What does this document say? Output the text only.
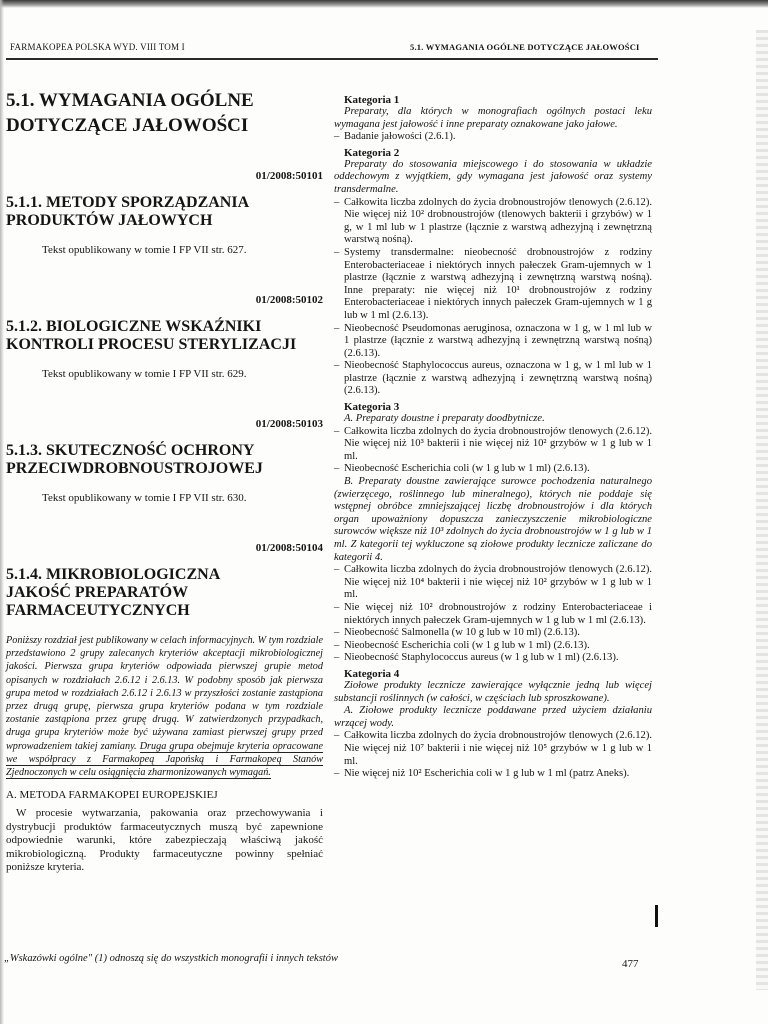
FARMAKOPEA POLSKA WYD. VIII TOM I	5.1. WYMAGANIA OGÓLNE DOTYCZĄCE JAŁOWOŚCI
5.1. WYMAGANIA OGÓLNE DOTYCZĄCE JAŁOWOŚCI

01/2008:50101

5.1.1. METODY SPORZĄDZANIA PRODUKTÓW JAŁOWYCH

Tekst opublikowany w tomie I FP VII str. 627.

01/2008:50102

5.1.2. BIOLOGICZNE WSKAŹNIKI KONTROLI PROCESU STERYLIZACJI

Tekst opublikowany w tomie I FP VII str. 629.

01/2008:50103

5.1.3. SKUTECZNOŚĆ OCHRONY PRZECIWDROBNOUSTROJOWEJ

Tekst opublikowany w tomie I FP VII str. 630.

01/2008:50104

5.1.4. MIKROBIOLOGICZNA JAKOŚĆ PREPARATÓW FARMACEUTYCZNYCH

Poniższy rozdział jest publikowany w celach informacyjnych. W tym rozdziale przedstawiono 2 grupy zalecanych kryteriów akceptacji mikrobiologicznej jakości. Pierwsza grupa kryteriów odpowiada pierwszej grupie metod opisanych w rozdziałach 2.6.12 i 2.6.13. W podobny sposób jak pierwsza grupa metod w rozdziałach 2.6.12 i 2.6.13 w przyszłości zostanie zastąpiona przez drugą grupę, pierwsza grupa kryteriów podana w tym rozdziale zostanie zastąpiona przez grupę drugą. W zatwierdzonych przypadkach, druga grupa kryteriów może być używana zamiast pierwszej grupy przed wprowadzeniem takiej zamiany. Druga grupa obejmuje kryteria opracowane we współpracy z Farmakopeą Japońską i Farmakopeą Stanów Zjednoczonych w celu osiągnięcia zharmonizowanych wymagań.

A. METODA FARMAKOPEI EUROPEJSKIEJ

W procesie wytwarzania, pakowania oraz przechowywania i dystrybucji produktów farmaceutycznych muszą być zapewnione odpowiednie warunki, które zabezpieczają właściwą jakość mikrobiologiczną. Produkty farmaceutyczne powinny spełniać poniższe kryteria.

Kategoria 1

Preparaty, dla których w monografiach ogólnych postaci leku wymagana jest jałowość i inne preparaty oznakowane jako jałowe.

– Badanie jałowości (2.6.1).

Kategoria 2

Preparaty do stosowania miejscowego i do stosowania w układzie oddechowym z wyjątkiem, gdy wymagana jest jałowość oraz systemy transdermalne.

– Całkowita liczba zdolnych do życia drobnoustrojów tlenowych (2.6.12). Nie więcej niż 10² drobnoustrojów (tlenowych bakterii i grzybów) w 1 g, w 1 ml lub w 1 plastrze (łącznie z warstwą adhezyjną i zewnętrzną warstwą nośną).
– Systemy transdermalne: nieobecność drobnoustrojów z rodziny Enterobacteriaceae i niektórych innych pałeczek Gram-ujemnych w 1 plastrze (łącznie z warstwą adhezyjną i zewnętrzną warstwą nośną). Inne preparaty: nie więcej niż 10¹ drobnoustrojów z rodziny Enterobacteriaceae i niektórych innych pałeczek Gram-ujemnych w 1 g lub w 1 ml (2.6.13).
– Nieobecność Pseudomonas aeruginosa, oznaczona w 1 g, w 1 ml lub w 1 plastrze (łącznie z warstwą adhezyjną i zewnętrzną warstwą nośną) (2.6.13).
– Nieobecność Staphylococcus aureus, oznaczona w 1 g, w 1 ml lub w 1 plastrze (łącznie z warstwą adhezyjną i zewnętrzną warstwą nośną) (2.6.13).

Kategoria 3

A. Preparaty doustne i preparaty doodbytnicze.

– Całkowita liczba zdolnych do życia drobnoustrojów tlenowych (2.6.12). Nie więcej niż 10³ bakterii i nie więcej niż 10² grzybów w 1 g lub w 1 ml.
– Nieobecność Escherichia coli (w 1 g lub w 1 ml) (2.6.13).

B. Preparaty doustne zawierające surowce pochodzenia naturalnego (zwierzęcego, roślinnego lub mineralnego), których nie poddaje się wstępnej obróbce zmniejszającej liczbę drobnoustrojów i dla których organ upoważniony dopuszcza zanieczyszczenie mikrobiologiczne surowców większe niż 10³ zdolnych do życia drobnoustrojów w 1 g lub w 1 ml. Z kategorii tej wykluczone są ziołowe produkty lecznicze zaliczane do kategorii 4.

– Całkowita liczba zdolnych do życia drobnoustrojów tlenowych (2.6.12). Nie więcej niż 10⁴ bakterii i nie więcej niż 10² grzybów w 1 g lub w 1 ml.
– Nie więcej niż 10² drobnoustrojów z rodziny Enterobacteriaceae i niektórych innych pałeczek Gram-ujemnych w 1 g lub w 1 ml (2.6.13).
– Nieobecność Salmonella (w 10 g lub w 10 ml) (2.6.13).
– Nieobecność Escherichia coli (w 1 g lub w 1 ml) (2.6.13).
– Nieobecność Staphylococcus aureus (w 1 g lub w 1 ml) (2.6.13).

Kategoria 4

Ziołowe produkty lecznicze zawierające wyłącznie jedną lub więcej substancji roślinnych (w całości, w częściach lub sproszkowane).

A. Ziołowe produkty lecznicze poddawane przed użyciem działaniu wrzącej wody.

– Całkowita liczba zdolnych do życia drobnoustrojów tlenowych (2.6.12). Nie więcej niż 10⁷ bakterii i nie więcej niż 10⁵ grzybów w 1 g lub w 1 ml.
– Nie więcej niż 10² Escherichia coli w 1 g lub w 1 ml (patrz Aneks).
„Wskazówki ogólne" (1) odnoszą się do wszystkich monografii i innych tekstów	477
